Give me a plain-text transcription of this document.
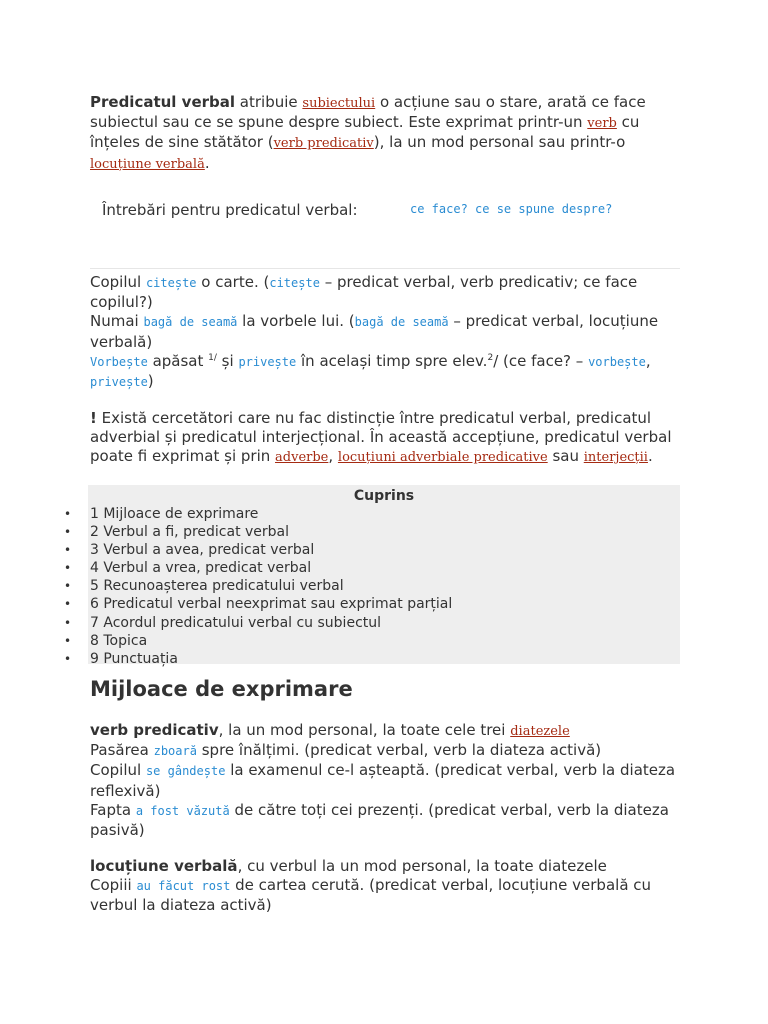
Predicatul verbal atribuie subiectului o acțiune sau o stare, arată ce face subiectul sau ce se spune despre subiect. Este exprimat printr-un verb cu înțeles de sine stătător (verb predicativ), la un mod personal sau printr-o locuțiune verbală.

Întrebări pentru predicatul verbal:	ce face? ce se spune despre?
Copilul citește o carte. (citește – predicat verbal, verb predicativ; ce face copilul?)
Numai bagă de seamă la vorbele lui. (bagă de seamă – predicat verbal, locuțiune verbală)
Vorbește apăsat $^{1/}$ și privește în același timp spre elev.$^2$/ (ce face? – vorbește, privește)

! Există cercetători care nu fac distincție între predicatul verbal, predicatul adverbial și predicatul interjecțional. În această accepțiune, predicatul verbal poate fi exprimat și prin adverbe, locuțiuni adverbiale predicative sau interjecții.

Cuprins
• 1 Mijloace de exprimare
• 2 Verbul a fi, predicat verbal
• 3 Verbul a avea, predicat verbal
• 4 Verbul a vrea, predicat verbal
• 5 Recunoașterea predicatului verbal
• 6 Predicatul verbal neexprimat sau exprimat parțial
• 7 Acordul predicatului verbal cu subiectul
• 8 Topica
• 9 Punctuația
Mijloace de exprimare
verb predicativ, la un mod personal, la toate cele trei diatezele
Pasărea zboară spre înălțimi. (predicat verbal, verb la diateza activă)
Copilul se gândește la examenul ce-l așteaptă. (predicat verbal, verb la diateza reflexivă)
Fapta a fost văzută de către toți cei prezenți. (predicat verbal, verb la diateza pasivă)
locuțiune verbală, cu verbul la un mod personal, la toate diatezele
Copiii au făcut rost de cartea cerută. (predicat verbal, locuțiune verbală cu verbul la diateza activă)
